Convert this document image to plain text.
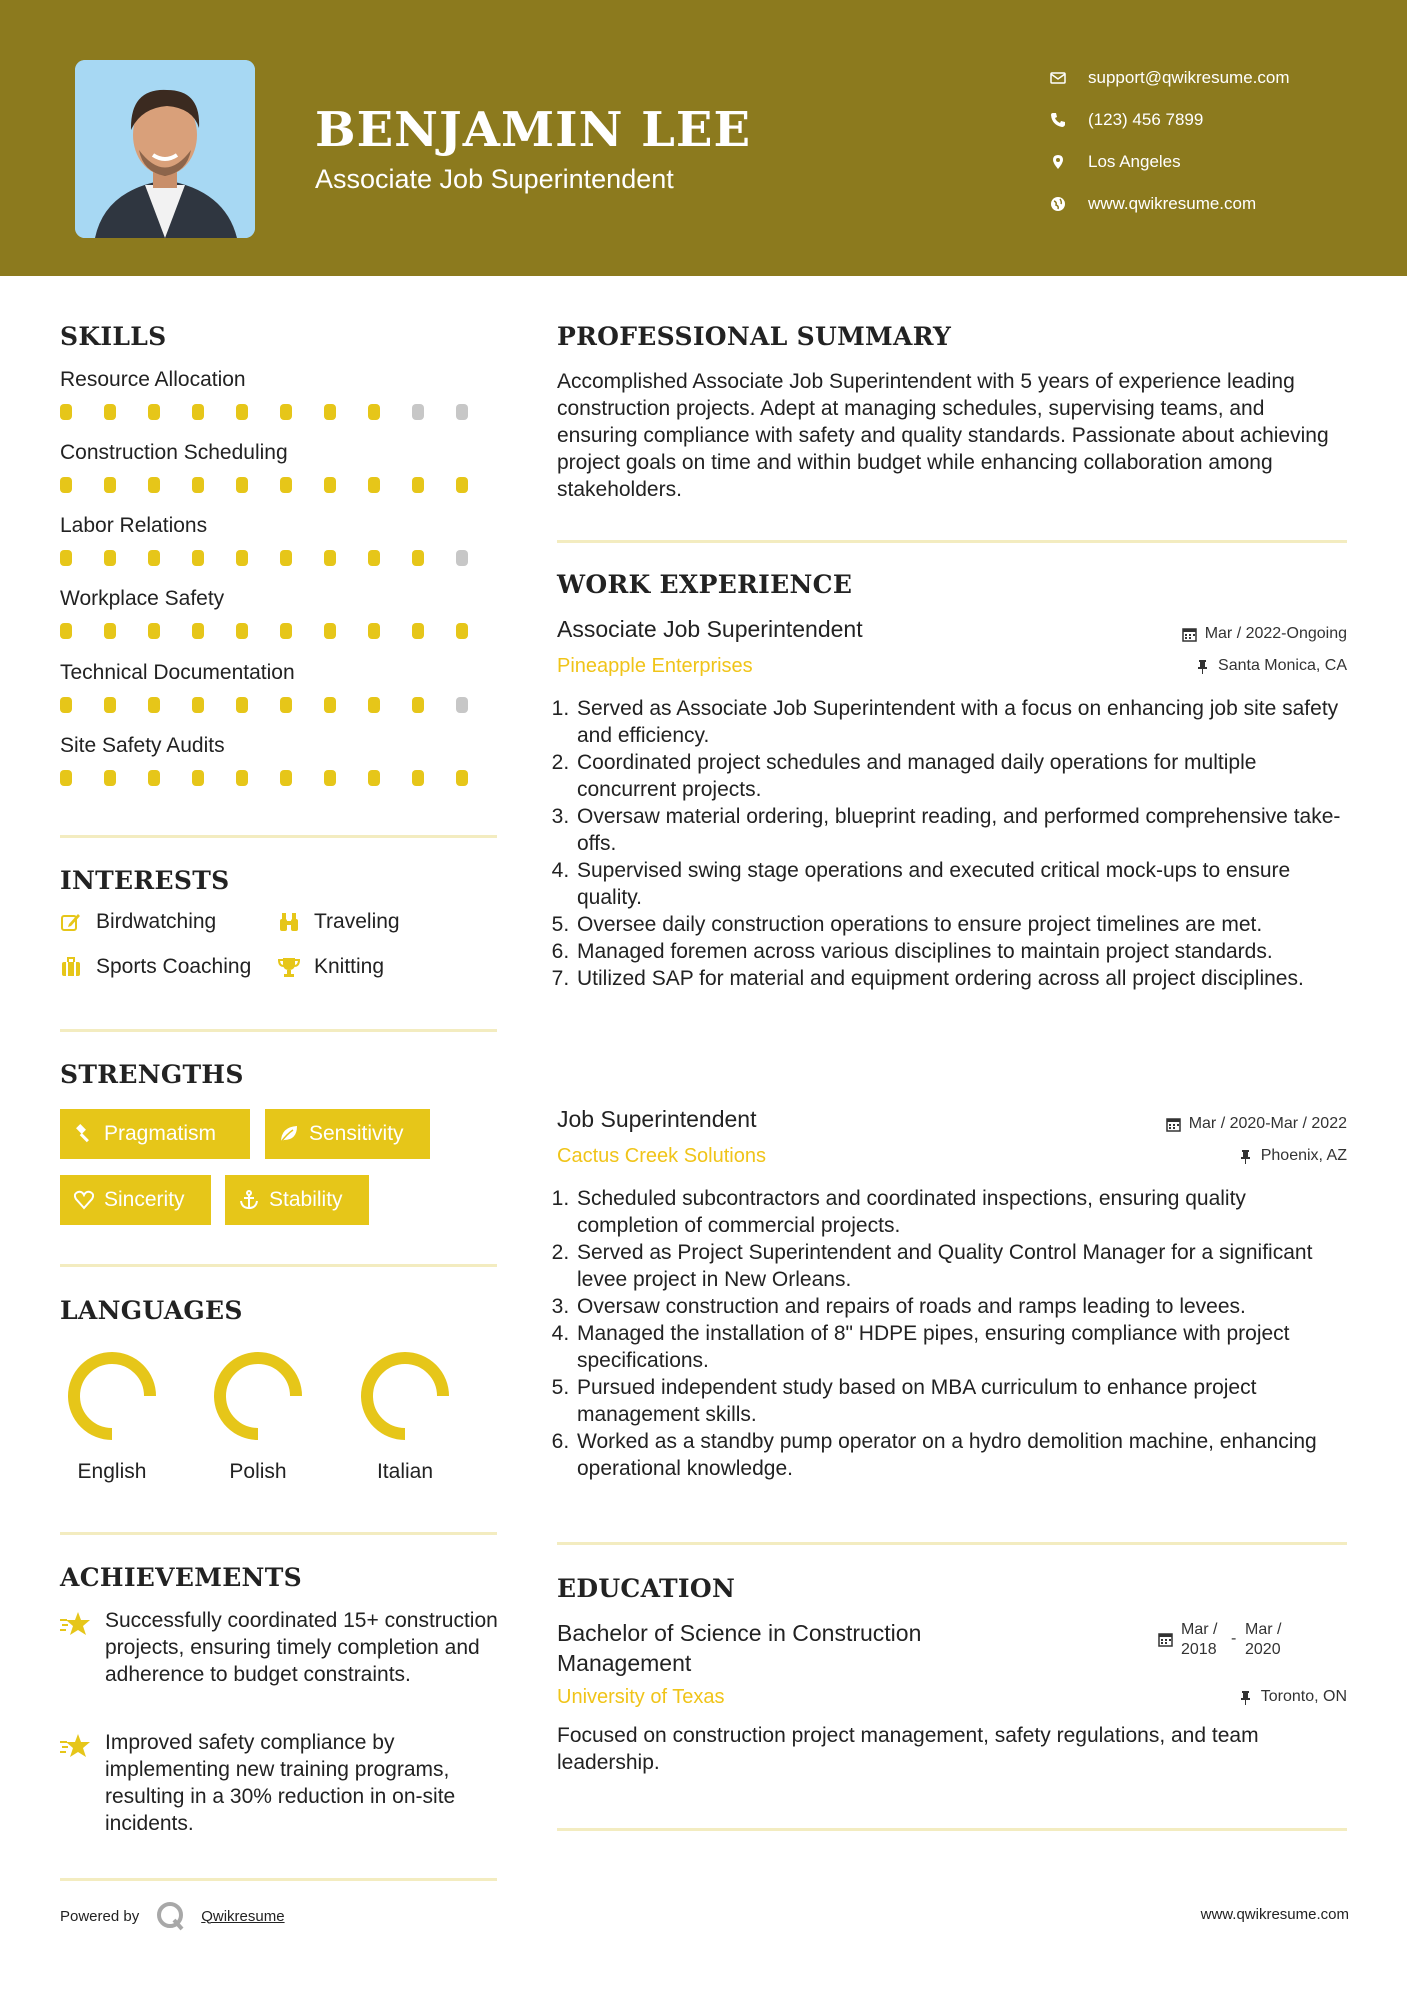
BENJAMIN LEE
Associate Job Superintendent
support@qwikresume.com
(123) 456 7899
Los Angeles
www.qwikresume.com
SKILLS
Resource Allocation
Construction Scheduling
Labor Relations
Workplace Safety
Technical Documentation
Site Safety Audits
INTERESTS
Birdwatching	Traveling
Sports Coaching	Knitting
STRENGTHS
Pragmatism	Sensitivity
Sincerity	Stability
LANGUAGES
English	Polish	Italian
ACHIEVEMENTS
Successfully coordinated 15+ construction projects, ensuring timely completion and adherence to budget constraints.
Improved safety compliance by implementing new training programs, resulting in a 30% reduction in on-site incidents.
PROFESSIONAL SUMMARY
Accomplished Associate Job Superintendent with 5 years of experience leading construction projects. Adept at managing schedules, supervising teams, and ensuring compliance with safety and quality standards. Passionate about achieving project goals on time and within budget while enhancing collaboration among stakeholders.
WORK EXPERIENCE
Associate Job Superintendent	Mar / 2022-Ongoing
Pineapple Enterprises	Santa Monica, CA
1. Served as Associate Job Superintendent with a focus on enhancing job site safety and efficiency.
2. Coordinated project schedules and managed daily operations for multiple concurrent projects.
3. Oversaw material ordering, blueprint reading, and performed comprehensive take-offs.
4. Supervised swing stage operations and executed critical mock-ups to ensure quality.
5. Oversee daily construction operations to ensure project timelines are met.
6. Managed foremen across various disciplines to maintain project standards.
7. Utilized SAP for material and equipment ordering across all project disciplines.
Job Superintendent	Mar / 2020-Mar / 2022
Cactus Creek Solutions	Phoenix, AZ
1. Scheduled subcontractors and coordinated inspections, ensuring quality completion of commercial projects.
2. Served as Project Superintendent and Quality Control Manager for a significant levee project in New Orleans.
3. Oversaw construction and repairs of roads and ramps leading to levees.
4. Managed the installation of 8" HDPE pipes, ensuring compliance with project specifications.
5. Pursued independent study based on MBA curriculum to enhance project management skills.
6. Worked as a standby pump operator on a hydro demolition machine, enhancing operational knowledge.
EDUCATION
Bachelor of Science in Construction Management
Mar / 2018
-
Mar / 2020
University of Texas	Toronto, ON
Focused on construction project management, safety regulations, and team leadership.
Powered by	Qwikresume	www.qwikresume.com
